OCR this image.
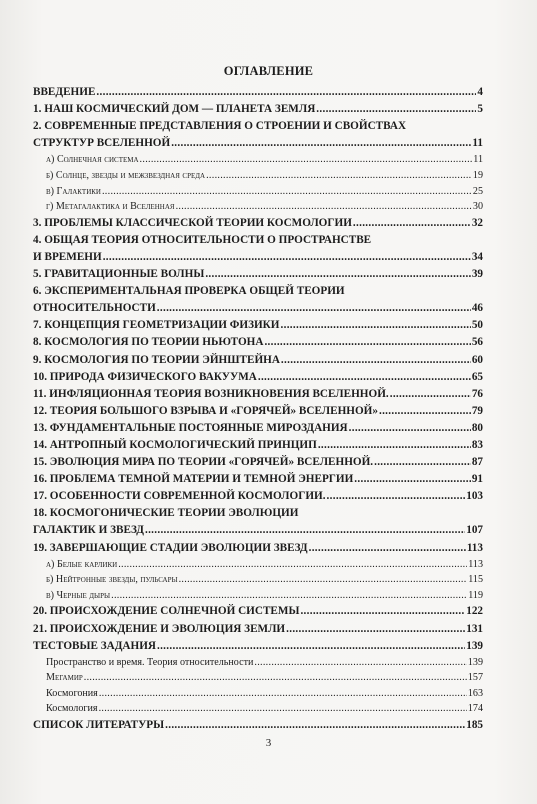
ОГЛАВЛЕНИЕ
ВВЕДЕНИЕ .....	4
1. НАШ КОСМИЧЕСКИЙ ДОМ — ПЛАНЕТА ЗЕМЛЯ .....	5
2. СОВРЕМЕННЫЕ ПРЕДСТАВЛЕНИЯ О СТРОЕНИИ И СВОЙСТВАХ
СТРУКТУР ВСЕЛЕННОЙ .....	11
а) Солнечная система .....	11
б) Солнце, звезды и межзвездная среда .....	19
в) Галактики .....	25
г) Метагалактика и Вселенная .....	30
3. ПРОБЛЕМЫ КЛАССИЧЕСКОЙ ТЕОРИИ КОСМОЛОГИИ .....	32
4. ОБЩАЯ ТЕОРИЯ ОТНОСИТЕЛЬНОСТИ О ПРОСТРАНСТВЕ
И ВРЕМЕНИ .....	34
5. ГРАВИТАЦИОННЫЕ ВОЛНЫ .....	39
6. ЭКСПЕРИМЕНТАЛЬНАЯ ПРОВЕРКА ОБЩЕЙ ТЕОРИИ
ОТНОСИТЕЛЬНОСТИ .....	46
7. КОНЦЕПЦИЯ ГЕОМЕТРИЗАЦИИ ФИЗИКИ .....	50
8. КОСМОЛОГИЯ ПО ТЕОРИИ НЬЮТОНА .....	56
9. КОСМОЛОГИЯ ПО ТЕОРИИ ЭЙНШТЕЙНА .....	60
10. ПРИРОДА ФИЗИЧЕСКОГО ВАКУУМА .....	65
11. ИНФЛЯЦИОННАЯ ТЕОРИЯ ВОЗНИКНОВЕНИЯ ВСЕЛЕННОЙ. .....	76
12. ТЕОРИЯ БОЛЬШОГО ВЗРЫВА И «ГОРЯЧЕЙ» ВСЕЛЕННОЙ» .....	79
13. ФУНДАМЕНТАЛЬНЫЕ ПОСТОЯННЫЕ МИРОЗДАНИЯ .....	80
14. АНТРОПНЫЙ КОСМОЛОГИЧЕСКИЙ ПРИНЦИП .....	83
15. ЭВОЛЮЦИЯ МИРА ПО ТЕОРИИ «ГОРЯЧЕЙ» ВСЕЛЕННОЙ. .....	87
16. ПРОБЛЕМА ТЕМНОЙ МАТЕРИИ И ТЕМНОЙ ЭНЕРГИИ .....	91
17. ОСОБЕННОСТИ СОВРЕМЕННОЙ КОСМОЛОГИИ. .....	103
18. КОСМОГОНИЧЕСКИЕ ТЕОРИИ ЭВОЛЮЦИИ
ГАЛАКТИК И ЗВЕЗД .....	107
19. ЗАВЕРШАЮЩИЕ СТАДИИ ЭВОЛЮЦИИ ЗВЕЗД .....	113
а) Белые карлики .....	113
б) Нейтронные звезды, пульсары .....	115
в) Черные дыры .....	119
20. ПРОИСХОЖДЕНИЕ СОЛНЕЧНОЙ СИСТЕМЫ .....	122
21. ПРОИСХОЖДЕНИЕ И ЭВОЛЮЦИЯ ЗЕМЛИ .....	131
ТЕСТОВЫЕ ЗАДАНИЯ .....	139
Пространство и время. Теория относительности .....	139
Мегамир .....	157
Космогония .....	163
Космология .....	174
СПИСОК ЛИТЕРАТУРЫ .....	185
3
